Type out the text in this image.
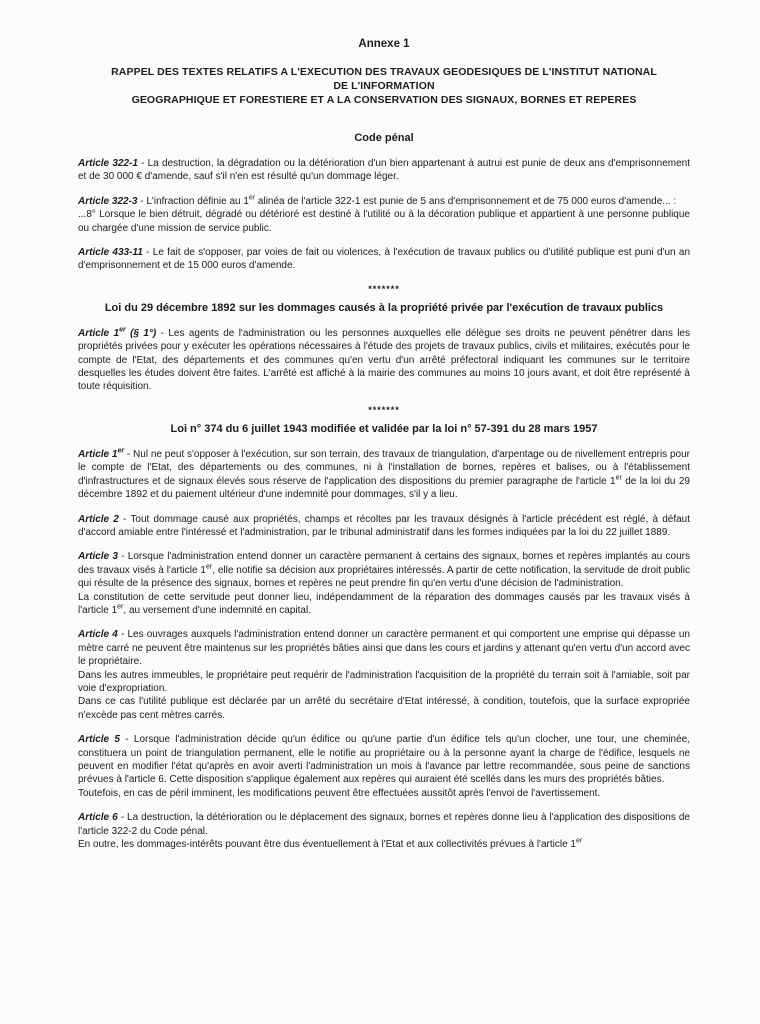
Annexe 1
RAPPEL DES TEXTES RELATIFS A L'EXECUTION DES TRAVAUX GEODESIQUES DE L'INSTITUT NATIONAL
DE L'INFORMATION
GEOGRAPHIQUE ET FORESTIERE ET A LA CONSERVATION DES SIGNAUX, BORNES ET REPERES
Code pénal

Article 322-1 - La destruction, la dégradation ou la détérioration d'un bien appartenant à autrui est punie de deux ans d'emprisonnement et de 30 000 € d'amende, sauf s'il n'en est résulté qu'un dommage léger.

Article 322-3 - L'infraction définie au 1er alinéa de l'article 322-1 est punie de 5 ans d'emprisonnement et de 75 000 euros d'amende... :
...8° Lorsque le bien détruit, dégradé ou détérioré est destiné à l'utilité ou à la décoration publique et appartient à une personne publique ou chargée d'une mission de service public.

Article 433-11 - Le fait de s'opposer, par voies de fait ou violences, à l'exécution de travaux publics ou d'utilité publique est puni d'un an d'emprisonnement et de 15 000 euros d'amende.

*******
Loi du 29 décembre 1892 sur les dommages causés à la propriété privée par l'exécution de travaux publics

Article 1er (§ 1°) - Les agents de l'administration ou les personnes auxquelles elle délègue ses droits ne peuvent pénétrer dans les propriétés privées pour y exécuter les opérations nécessaires à l'étude des projets de travaux publics, civils et militaires, exécutés pour le compte de l'Etat, des départements et des communes qu'en vertu d'un arrêté préfectoral indiquant les communes sur le territoire desquelles les études doivent être faites. L'arrêté est affiché à la mairie des communes au moins 10 jours avant, et doit être représenté à toute réquisition.

*******
Loi n° 374 du 6 juillet 1943 modifiée et validée par la loi n° 57-391 du 28 mars 1957

Article 1er - Nul ne peut s'opposer à l'exécution, sur son terrain, des travaux de triangulation, d'arpentage ou de nivellement entrepris pour le compte de l'Etat, des départements ou des communes, ni à l'installation de bornes, repères et balises, ou à l'établissement d'infrastructures et de signaux élevés sous réserve de l'application des dispositions du premier paragraphe de l'article 1er de la loi du 29 décembre 1892 et du paiement ultérieur d'une indemnité pour dommages, s'il y a lieu.

Article 2 - Tout dommage causé aux propriétés, champs et récoltes par les travaux désignés à l'article précédent est réglé, à défaut d'accord amiable entre l'intéressé et l'administration, par le tribunal administratif dans les formes indiquées par la loi du 22 juillet 1889.

Article 3 - Lorsque l'administration entend donner un caractère permanent à certains des signaux, bornes et repères implantés au cours des travaux visés à l'article 1er, elle notifie sa décision aux propriétaires intéressés. A partir de cette notification, la servitude de droit public qui résulte de la présence des signaux, bornes et repères ne peut prendre fin qu'en vertu d'une décision de l'administration.
La constitution de cette servitude peut donner lieu, indépendamment de la réparation des dommages causés par les travaux visés à l'article 1er, au versement d'une indemnité en capital.

Article 4 - Les ouvrages auxquels l'administration entend donner un caractère permanent et qui comportent une emprise qui dépasse un mètre carré ne peuvent être maintenus sur les propriétés bâties ainsi que dans les cours et jardins y attenant qu'en vertu d'un accord avec le propriétaire.
Dans les autres immeubles, le propriétaire peut requérir de l'administration l'acquisition de la propriété du terrain soit à l'amiable, soit par voie d'expropriation.
Dans ce cas l'utilité publique est déclarée par un arrêté du secrétaire d'Etat intéressé, à condition, toutefois, que la surface expropriée n'excède pas cent mètres carrés.

Article 5 - Lorsque l'administration décide qu'un édifice ou qu'une partie d'un édifice tels qu'un clocher, une tour, une cheminée, constituera un point de triangulation permanent, elle le notifie au propriétaire ou à la personne ayant la charge de l'édifice, lesquels ne peuvent en modifier l'état qu'après en avoir averti l'administration un mois à l'avance par lettre recommandée, sous peine de sanctions prévues à l'article 6. Cette disposition s'applique également aux repères qui auraient été scellés dans les murs des propriétés bâties.
Toutefois, en cas de péril imminent, les modifications peuvent être effectuées aussitôt après l'envoi de l'avertissement.

Article 6 - La destruction, la détérioration ou le déplacement des signaux, bornes et repères donne lieu à l'application des dispositions de l'article 322-2 du Code pénal.
En outre, les dommages-intérêts pouvant être dus éventuellement à l'Etat et aux collectivités prévues à l'article 1er
